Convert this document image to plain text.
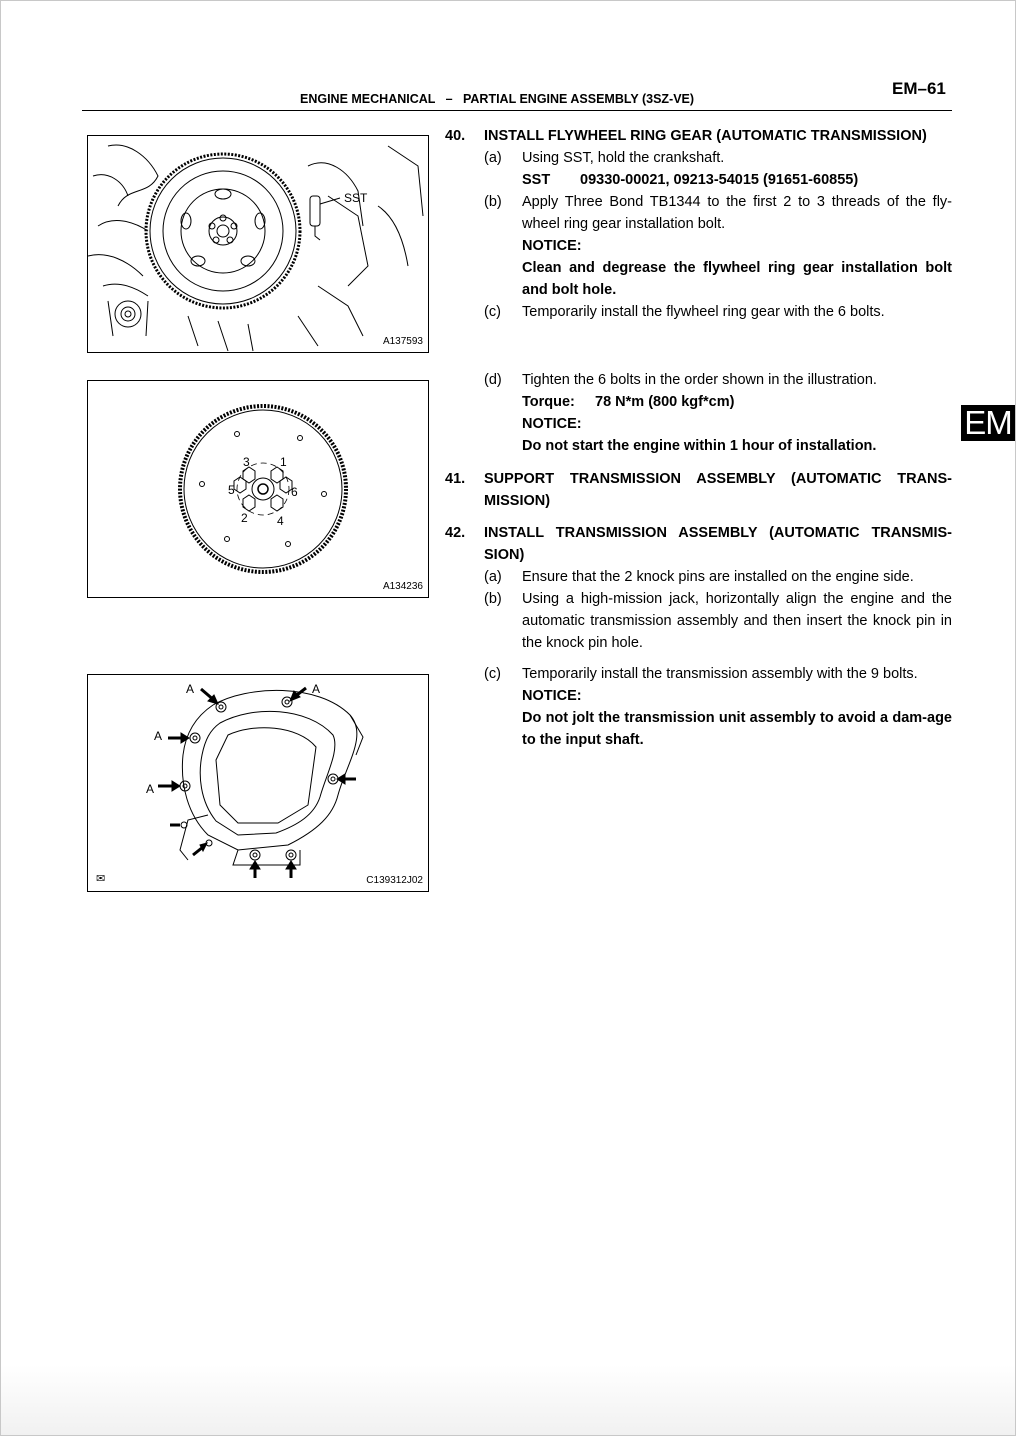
ENGINE MECHANICAL   –   PARTIAL ENGINE ASSEMBLY (3SZ-VE)
EM–61
EM
SST
A137593
1
2
3
4
5	6
A134236
A	A
A
A
✉	C139312J02
40. INSTALL FLYWHEEL RING GEAR (AUTOMATIC TRANSMISSION)
(a) Using SST, hold the crankshaft.
SST 09330-00021, 09213-54015 (91651-60855)
(b) Apply Three Bond TB1344 to the first 2 to 3 threads of the fly-wheel ring gear installation bolt.
NOTICE:
Clean and degrease the flywheel ring gear installation bolt and bolt hole.
(c) Temporarily install the flywheel ring gear with the 6 bolts.
(d) Tighten the 6 bolts in the order shown in the illustration.
Torque: 78 N*m (800 kgf*cm)
NOTICE:
Do not start the engine within 1 hour of installation.
41. SUPPORT TRANSMISSION ASSEMBLY (AUTOMATIC TRANS-MISSION)
42. INSTALL TRANSMISSION ASSEMBLY (AUTOMATIC TRANSMIS-SION)
(a) Ensure that the 2 knock pins are installed on the engine side.
(b) Using a high-mission jack, horizontally align the engine and the automatic transmission assembly and then insert the knock pin in the knock pin hole.
(c) Temporarily install the transmission assembly with the 9 bolts.
NOTICE:
Do not jolt the transmission unit assembly to avoid a dam-age to the input shaft.
